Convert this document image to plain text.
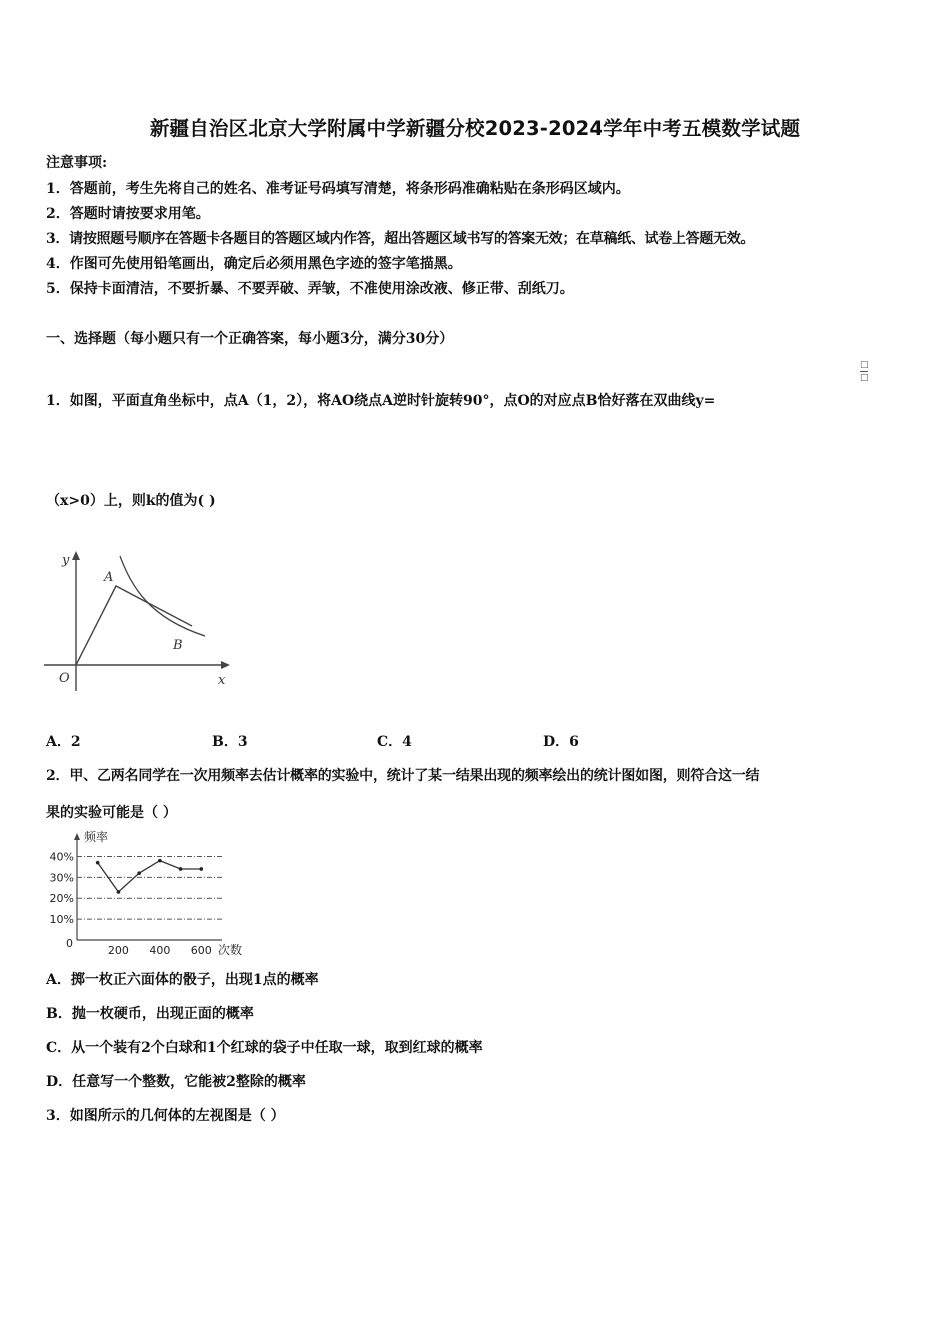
新疆自治区北京大学附属中学新疆分校2023-2024学年中考五模数学试题
注意事项:
1．答题前，考生先将自己的姓名、准考证号码填写清楚，将条形码准确粘贴在条形码区域内。
2．答题时请按要求用笔。
3．请按照题号顺序在答题卡各题目的答题区域内作答，超出答题区域书写的答案无效；在草稿纸、试卷上答题无效。
4．作图可先使用铅笔画出，确定后必须用黑色字迹的签字笔描黑。
5．保持卡面清洁，不要折暴、不要弄破、弄皱，不准使用涂改液、修正带、刮纸刀。
一、选择题（每小题只有一个正确答案，每小题3分，满分30分）
1．如图，平面直角坐标中，点A（1，2），将AO绕点A逆时针旋转90°，点O的对应点B恰好落在双曲线y=
□
□
（x>0）上，则k的值为( )
y
x
O
A
B
A．2	B．3	C．4	D．6
2．甲、乙两名同学在一次用频率去估计概率的实验中，统计了某一结果出现的频率绘出的统计图如图，则符合这一结
果的实验可能是（ ）
频率
次数
0
10%
20%
30%
40%
200 400 600
A．掷一枚正六面体的骰子，出现1点的概率
B．抛一枚硬币，出现正面的概率
C．从一个装有2个白球和1个红球的袋子中任取一球，取到红球的概率
D．任意写一个整数，它能被2整除的概率
3．如图所示的几何体的左视图是（ ）
